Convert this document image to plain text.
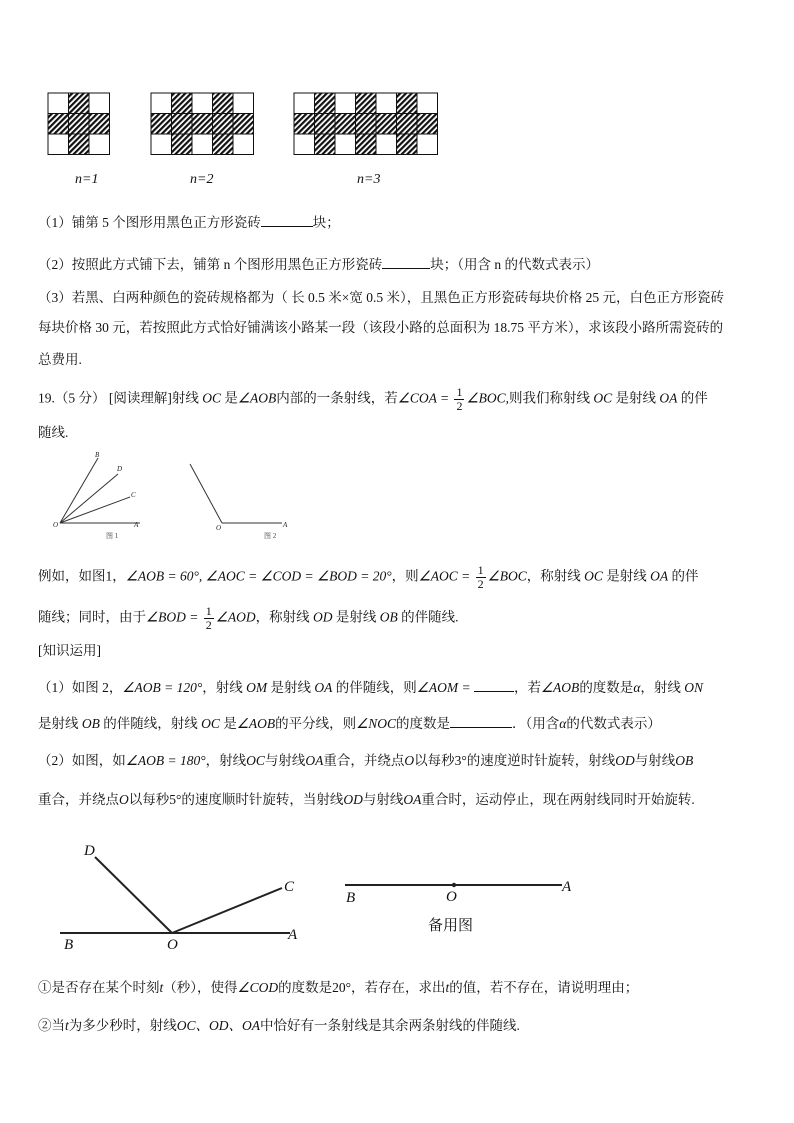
n=1	n=2	n=3
（1）铺第 5 个图形用黑色正方形瓷砖	块；
（2）按照此方式铺下去，铺第 n 个图形用黑色正方形瓷砖	块；（用含 n 的代数式表示）
（3）若黑、白两种颜色的瓷砖规格都为（ 长 0.5 米×宽 0.5 米），且黑色正方形瓷砖每块价格 25 元，白色正方形瓷砖
每块价格 30 元，若按照此方式恰好铺满该小路某一段（该段小路的总面积为 18.75 平方米），求该段小路所需瓷砖的
总费用.
19.（5 分） [阅读理解]射线 OC 是∠AOB内部的一条射线，若∠COA = $\frac{1}{2}$ ∠BOC,则我们称射线 OC 是射线 OA 的伴
随线.
B
D
C
O	A	O	A
图 1	图 2
例如，如图1，∠AOB = 60°, ∠AOC = ∠COD = ∠BOD = 20°，则∠AOC = $\frac{1}{2}$ ∠BOC，称射线 OC 是射线 OA 的伴
随线；同时，由于∠BOD = $\frac{1}{2}$ ∠AOD，称射线 OD 是射线 OB 的伴随线.
[知识运用]
（1）如图 2，∠AOB = 120°，射线 OM 是射线 OA 的伴随线，则∠AOM =	，若∠AOB的度数是α，射线 ON
是射线 OB 的伴随线，射线 OC 是∠AOB的平分线，则∠NOC的度数是	．（用含α的代数式表示）
（2）如图，如∠AOB = 180°，射线OC与射线OA重合，并绕点O以每秒3°的速度逆时针旋转，射线OD与射线OB
重合，并绕点O以每秒5°的速度顺时针旋转，当射线OD与射线OA重合时，运动停止，现在两射线同时开始旋转.
D
C
B	O
A
B	O
A
备用图
①是否存在某个时刻t（秒），使得∠COD的度数是20°，若存在，求出t的值，若不存在，请说明理由；
②当t为多少秒时，射线OC、OD、OA中恰好有一条射线是其余两条射线的伴随线.
